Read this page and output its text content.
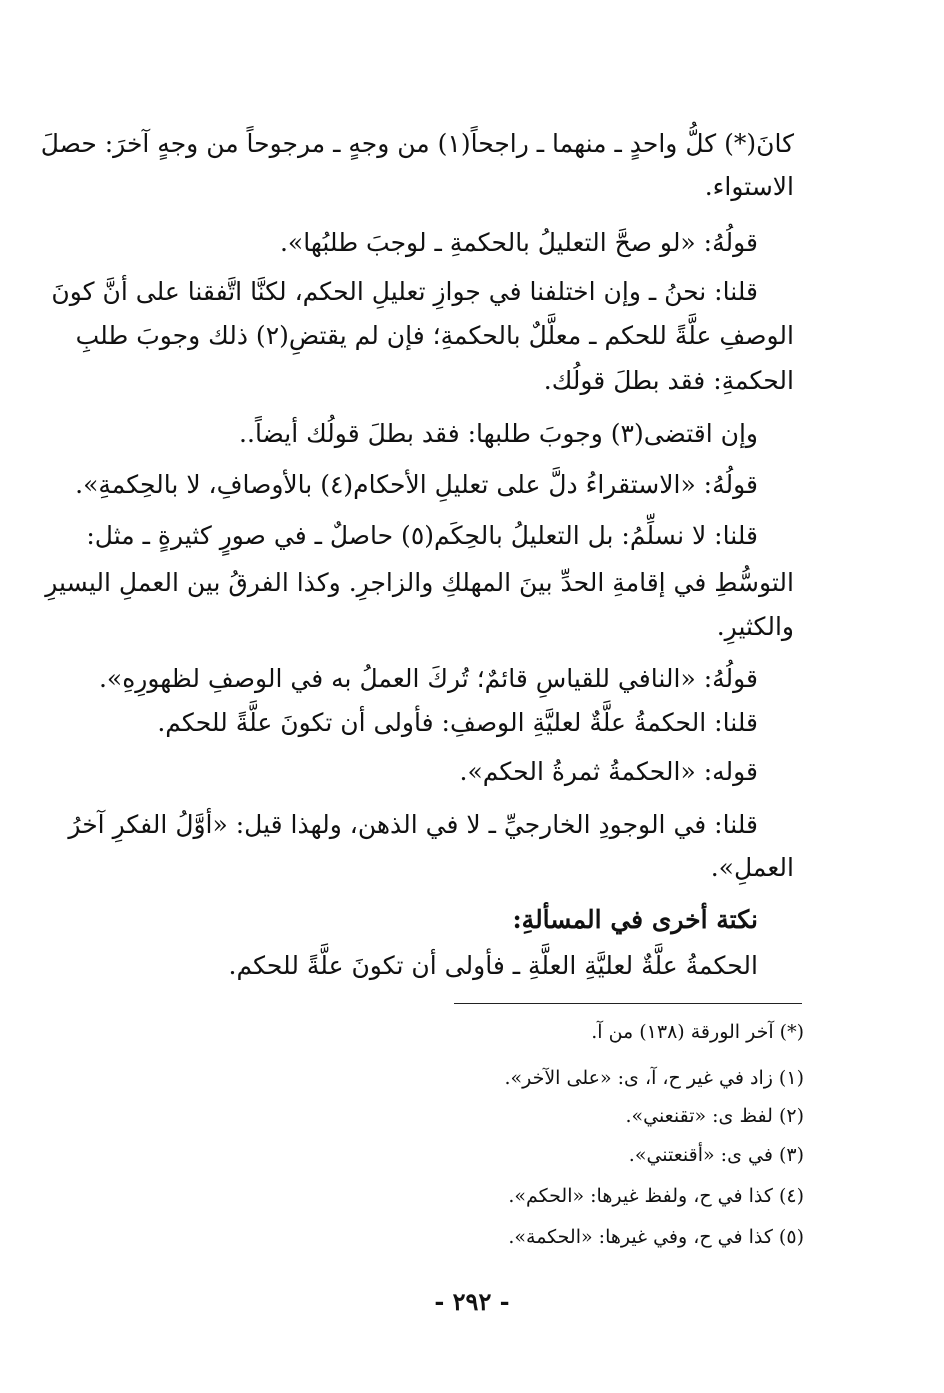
كانَ(*) كلُّ واحدٍ ـ منهما ـ راجحاً(١) من وجهٍ ـ مرجوحاً من وجهٍ آخرَ: حصلَ
الاستواء.
قولُهُ: «لو صحَّ التعليلُ بالحكمةِ ـ لوجبَ طلبُها».
قلنا: نحنُ ـ وإن اختلفنا في جوازِ تعليلِ الحكم، لكنَّا اتَّفقنا على أنَّ كونَ
الوصفِ علَّةً للحكم ـ معلَّلٌ بالحكمةِ؛ فإن لم يقتضِ(٢) ذلك وجوبَ طلبِ
الحكمةِ: فقد بطلَ قولُك.
وإن اقتضى(٣) وجوبَ طلبها: فقد بطلَ قولُك أيضاً..
قولُهُ: «الاستقراءُ دلَّ على تعليلِ الأحكام(٤) بالأوصافِ، لا بالحِكمةِ».
قلنا: لا نسلِّمُ: بل التعليلُ بالحِكَم(٥) حاصلٌ ـ في صورٍ كثيرةٍ ـ مثل:
التوسُّطِ في إقامةِ الحدِّ بينَ المهلكِ والزاجرِ. وكذا الفرقُ بين العملِ اليسيرِ
والكثيرِ.
قولُهُ: «النافي للقياسِ قائمٌ؛ تُركَ العملُ به في الوصفِ لظهورِهِ».
قلنا: الحكمةُ علَّةٌ لعليَّةِ الوصفِ: فأولى أن تكونَ علَّةً للحكم.
قوله: «الحكمةُ ثمرةُ الحكم».
قلنا: في الوجودِ الخارجيِّ ـ لا في الذهن، ولهذا قيل: «أوَّلُ الفكرِ آخرُ
العملِ».
نكتة أخرى في المسألةِ:
الحكمةُ علَّةٌ لعليَّةِ العلَّةِ ـ فأولى أن تكونَ علَّةً للحكم.
(*) آخر الورقة (١٣٨) من آ.
(١) زاد في غير ح، آ، ى: «على الآخر».
(٢) لفظ ى: «تقنعني».
(٣) في ى: «أقنعتني».
(٤) كذا في ح، ولفظ غيرها: «الحكم».
(٥) كذا في ح، وفي غيرها: «الحكمة».
- ٢٩٢ -
